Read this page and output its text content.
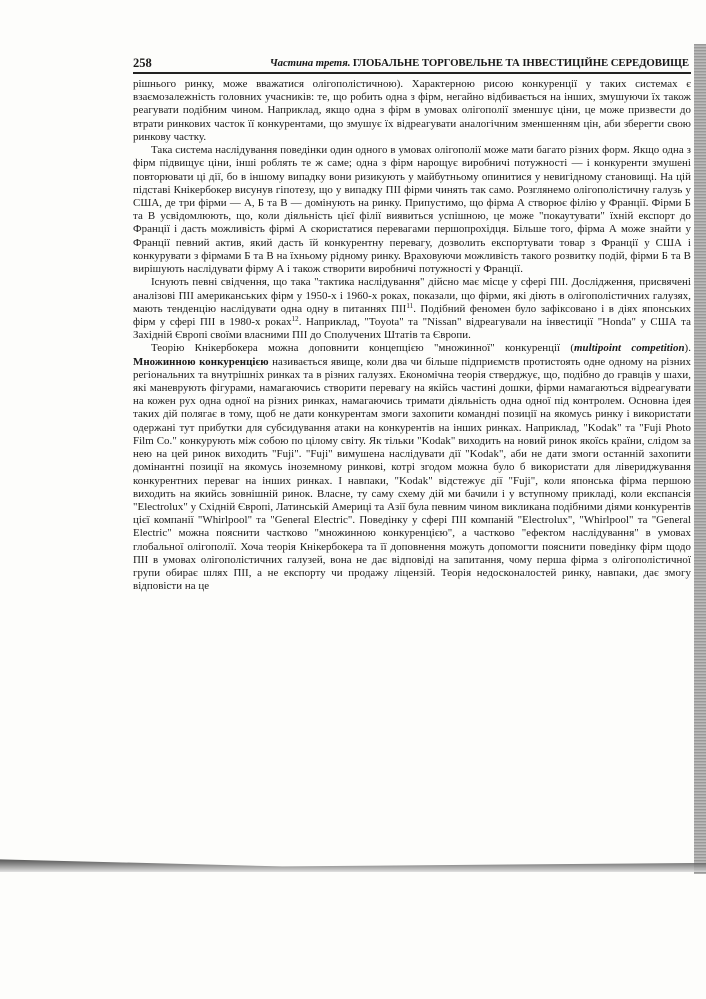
258	Частина третя. ГЛОБАЛЬНЕ ТОРГОВЕЛЬНЕ ТА ІНВЕСТИЦІЙНЕ СЕРЕДОВИЩЕ

рішнього ринку, може вважатися олігополістичною). Характерною рисою конкуренції у таких системах є взаємозалежність головних учасників: те, що робить одна з фірм, негайно відбивається на інших, змушуючи їх також реагувати подібним чином. Наприклад, якщо одна з фірм в умовах олігополії зменшує ціни, це може призвести до втрати ринкових часток її конкурентами, що змушує їх відреагувати аналогічним зменшенням цін, аби зберегти свою ринкову частку.

Така система наслідування поведінки один одного в умовах олігополії може мати багато різних форм. Якщо одна з фірм підвищує ціни, інші роблять те ж саме; одна з фірм нарощує виробничі потужності — і конкуренти змушені повторювати ці дії, бо в іншому випадку вони ризикують у майбутньому опинитися у невигідному становищі. На цій підставі Кнікербокер висунув гіпотезу, що у випадку ПІІ фірми чинять так само. Розглянемо олігополістичну галузь у США, де три фірми — А, Б та В — домінують на ринку. Припустимо, що фірма А створює філію у Франції. Фірми Б та В усвідомлюють, що, коли діяльність цієї філії виявиться успішною, це може "покаутувати" їхній експорт до Франції і дасть можливість фірмі А скористатися перевагами першопрохідця. Більше того, фірма А може знайти у Франції певний актив, який дасть їй конкурентну перевагу, дозволить експортувати товар з Франції у США і конкурувати з фірмами Б та В на їхньому рідному ринку. Враховуючи можливість такого розвитку подій, фірми Б та В вирішують наслідувати фірму А і також створити виробничі потужності у Франції.

Існують певні свідчення, що така "тактика наслідування" дійсно має місце у сфері ПІІ. Дослідження, присвячені аналізові ПІІ американських фірм у 1950-х і 1960-х роках, показали, що фірми, які діють в олігополістичних галузях, мають тенденцію наслідувати одна одну в питаннях ПІІ$^{11}$. Подібний феномен було зафіксовано і в діях японських фірм у сфері ПІІ в 1980-х роках$^{12}$. Наприклад, "Toyota" та "Nissan" відреагували на інвестиції "Honda" у США та Західній Європі своїми власними ПІІ до Сполучених Штатів та Європи.

Теорію Кнікербокера можна доповнити концепцією "множинної" конкуренції (multipoint competition). Множинною конкуренцією називається явище, коли два чи більше підприємств протистоять одне одному на різних регіональних та внутрішніх ринках та в різних галузях. Економічна теорія стверджує, що, подібно до гравців у шахи, які маневрують фігурами, намагаючись створити перевагу на якійсь частині дошки, фірми намагаються відреагувати на кожен рух одна одної на різних ринках, намагаючись тримати діяльність одна одної під контролем. Основна ідея таких дій полягає в тому, щоб не дати конкурентам змоги захопити командні позиції на якомусь ринку і використати одержані тут прибутки для субсидування атаки на конкурентів на інших ринках. Наприклад, "Kodak" та "Fuji Photo Film Co." конкурують між собою по цілому світу. Як тільки "Kodak" виходить на новий ринок якоїсь країни, слідом за нею на цей ринок виходить "Fuji". "Fuji" вимушена наслідувати дії "Kodak", аби не дати змоги останній захопити домінантні позиції на якомусь іноземному ринкові, котрі згодом можна було б використати для лівериджування конкурентних переваг на інших ринках. І навпаки, "Kodak" відстежує дії "Fuji", коли японська фірма першою виходить на якийсь зовнішній ринок. Власне, ту саму схему дій ми бачили і у вступному прикладі, коли експансія "Electrolux" у Східній Європі, Латинській Америці та Азії була певним чином викликана подібними діями конкурентів цієї компанії "Whirlpool" та "General Electric". Поведінку у сфері ПІІ компаній "Electrolux", "Whirlpool" та "General Electric" можна пояснити частково "множинною конкуренцією", а частково "ефектом наслідування" в умовах глобальної олігополії. Хоча теорія Кнікербокера та її доповнення можуть допомогти пояснити поведінку фірм щодо ПІІ в умовах олігополістичних галузей, вона не дає відповіді на запитання, чому перша фірма з олігополістичної групи обирає шлях ПІІ, а не експорту чи продажу ліцензій. Теорія недосконалостей ринку, навпаки, дає змогу відповісти на це
